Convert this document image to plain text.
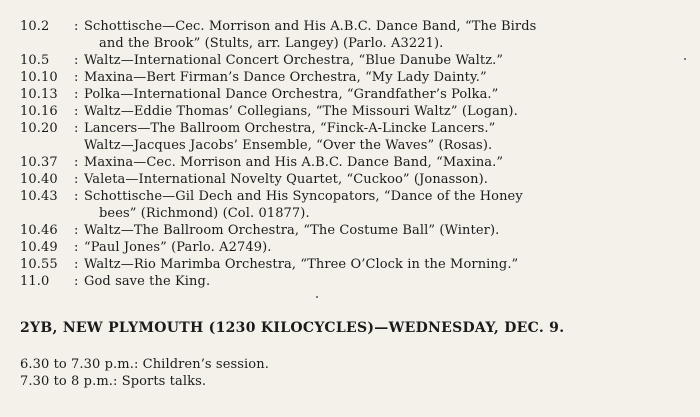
10.2	: Schottische—Cec. Morrison and His A.B.C. Dance Band, “The Birds
and the Brook” (Stults, arr. Langey) (Parlo. A3221).
10.5	: Waltz—International Concert Orchestra, “Blue Danube Waltz.”
10.10	: Maxina—Bert Firman’s Dance Orchestra, “My Lady Dainty.”
10.13	: Polka—International Dance Orchestra, “Grandfather’s Polka.”
10.16	: Waltz—Eddie Thomas’ Collegians, “The Missouri Waltz” (Logan).
10.20	: Lancers—The Ballroom Orchestra, “Finck-A-Lincke Lancers.”
Waltz—Jacques Jacobs’ Ensemble, “Over the Waves” (Rosas).
10.37	: Maxina—Cec. Morrison and His A.B.C. Dance Band, “Maxina.”
10.40	: Valeta—International Novelty Quartet, “Cuckoo” (Jonasson).
10.43	: Schottische—Gil Dech and His Syncopators, “Dance of the Honey
bees” (Richmond) (Col. 01877).
10.46	: Waltz—The Ballroom Orchestra, “The Costume Ball” (Winter).
10.49	: “Paul Jones” (Parlo. A2749).
10.55	: Waltz—Rio Marimba Orchestra, “Three O’Clock in the Morning.”
11.0	: God save the King.
2YB, NEW PLYMOUTH (1230 KILOCYCLES)—WEDNESDAY, DEC. 9.
6.30 to 7.30 p.m.: Children’s session.
7.30 to 8 p.m.: Sports talks.
